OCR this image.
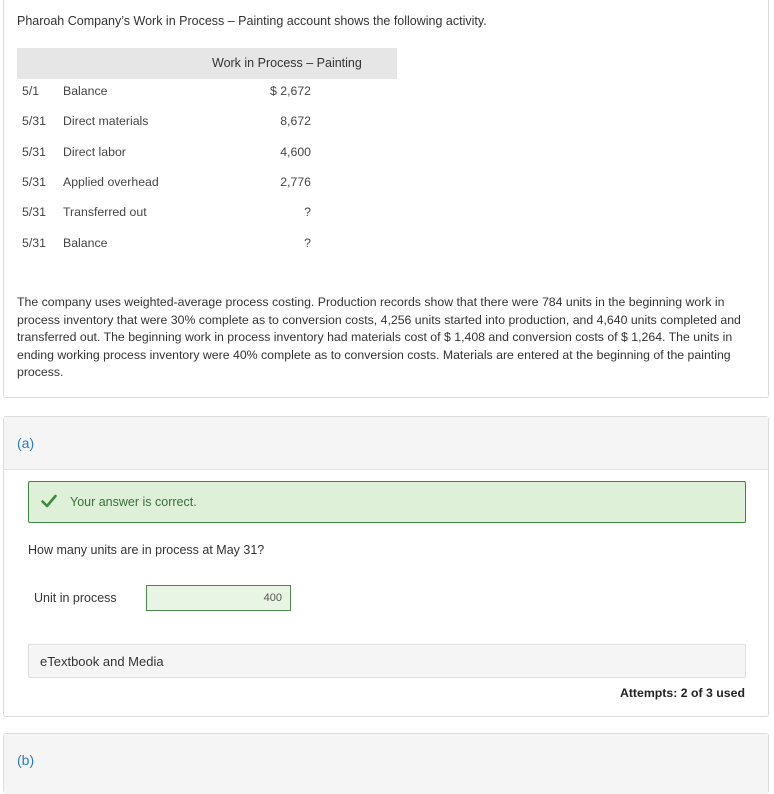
Pharoah Company’s Work in Process – Painting account shows the following activity.
Work in Process – Painting
5/1 Balance	$ 2,672
5/31 Direct materials	8,672
5/31 Direct labor	4,600
5/31 Applied overhead	2,776
5/31 Transferred out	?
5/31 Balance	?
The company uses weighted-average process costing. Production records show that there were 784 units in the beginning work in process inventory that were 30% complete as to conversion costs, 4,256 units started into production, and 4,640 units completed and transferred out. The beginning work in process inventory had materials cost of $ 1,408 and conversion costs of $ 1,264. The units in ending working process inventory were 40% complete as to conversion costs. Materials are entered at the beginning of the painting process.
(a)
Your answer is correct.
How many units are in process at May 31?
Unit in process
400
eTextbook and Media
Attempts: 2 of 3 used
(b)
